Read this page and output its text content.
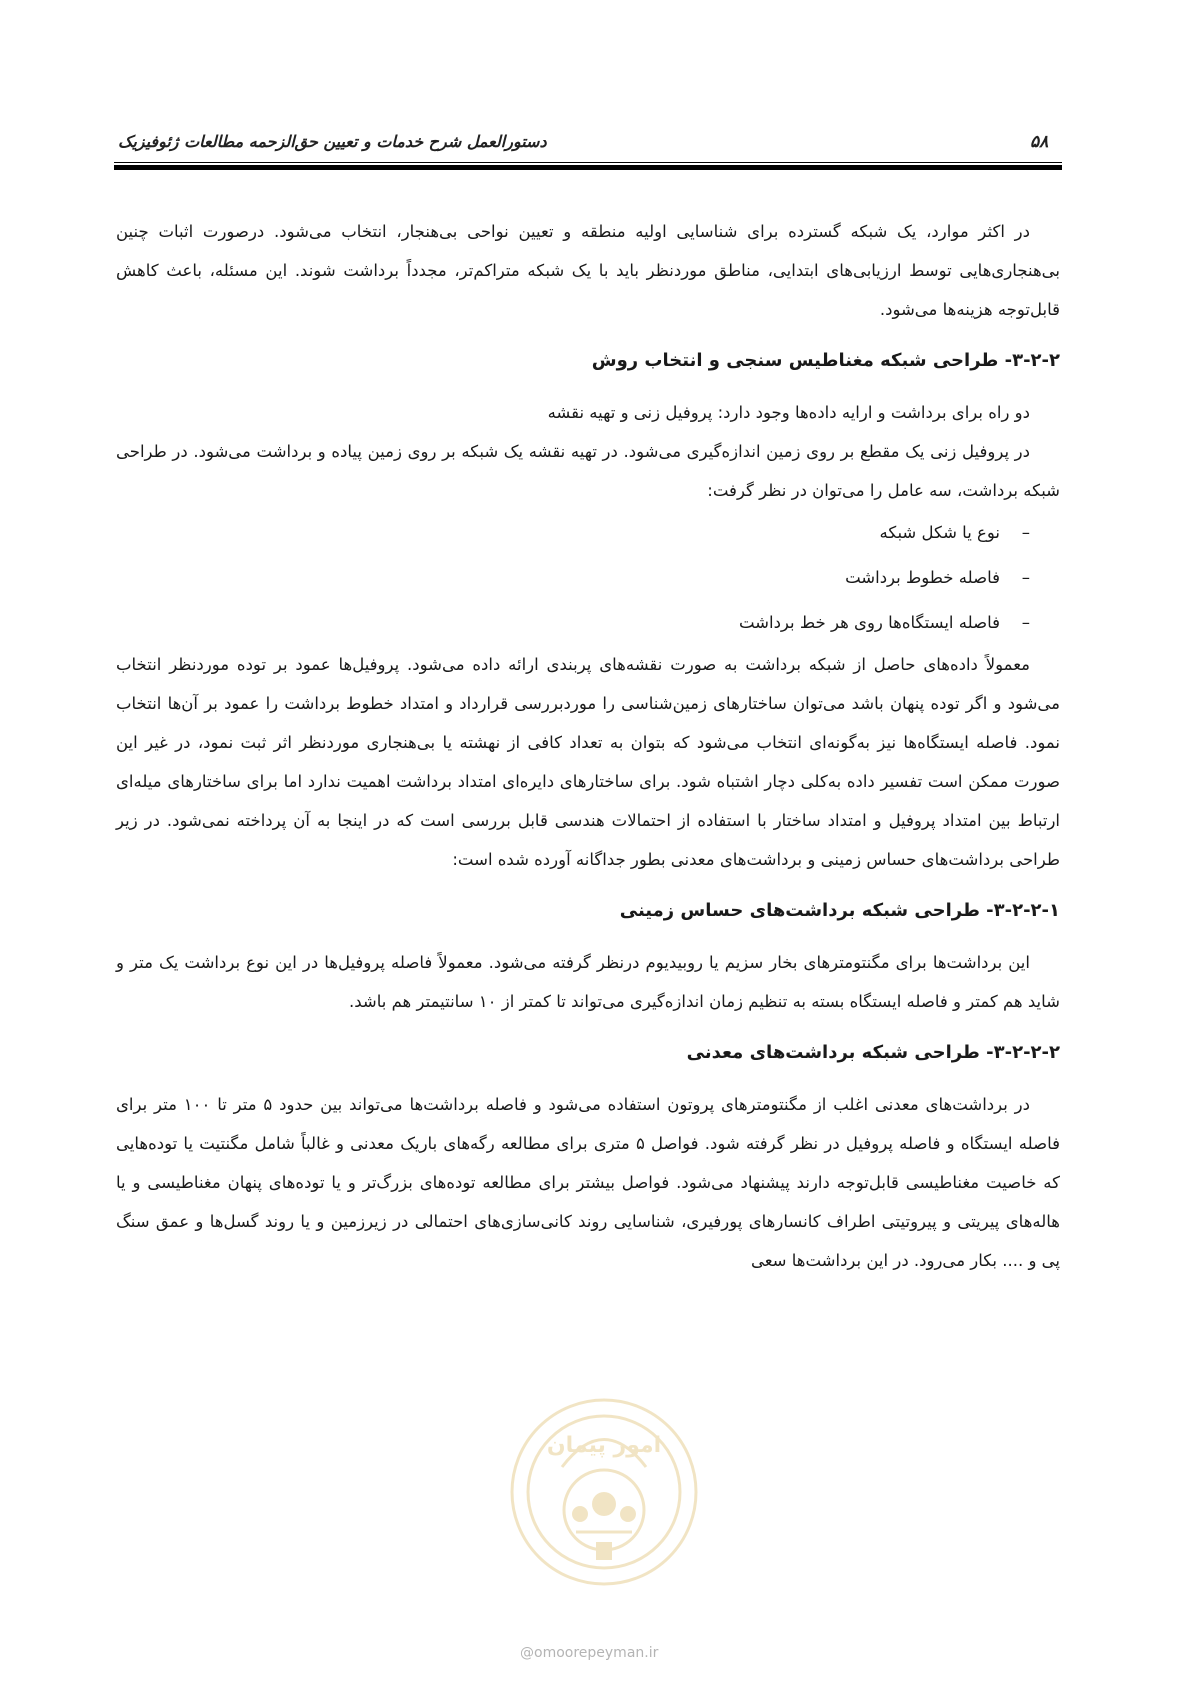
۵۸
دستورالعمل شرح خدمات و تعیین حق‌الزحمه مطالعات ژئوفیزیک

در اکثر موارد، یک شبکه گسترده برای شناسایی اولیه منطقه و تعیین نواحی بی‌هنجار، انتخاب می‌شود. درصورت اثبات چنین بی‌هنجاری‌هایی توسط ارزیابی‌های ابتدایی، مناطق موردنظر باید با یک شبکه متراکم‌تر، مجدداً برداشت شوند. این مسئله، باعث کاهش قابل‌توجه هزینه‌ها می‌شود.

۳-۲-۲- طراحی شبکه مغناطیس سنجی و انتخاب روش

دو راه برای برداشت و ارایه داده‌ها وجود دارد: پروفیل زنی و تهیه نقشه

در پروفیل زنی یک مقطع بر روی زمین اندازه‌گیری می‌شود. در تهیه نقشه یک شبکه بر روی زمین پیاده و برداشت می‌شود. در طراحی شبکه برداشت، سه عامل را می‌توان در نظر گرفت:

–نوع یا شکل شبکه
–فاصله خطوط برداشت
–فاصله ایستگاه‌ها روی هر خط برداشت

معمولاً داده‌های حاصل از شبکه برداشت به صورت نقشه‌های پربندی ارائه داده می‌شود. پروفیل‌ها عمود بر توده موردنظر انتخاب می‌شود و اگر توده پنهان باشد می‌توان ساختارهای زمین‌شناسی را موردبررسی قرارداد و امتداد خطوط برداشت را عمود بر آن‌ها انتخاب نمود. فاصله ایستگاه‌ها نیز به‌گونه‌ای انتخاب می‌شود که بتوان به تعداد کافی از نهشته یا بی‌هنجاری موردنظر اثر ثبت نمود، در غیر این صورت ممکن است تفسیر داده به‌کلی دچار اشتباه شود. برای ساختارهای دایره‌ای امتداد برداشت اهمیت ندارد اما برای ساختارهای میله‌ای ارتباط بین امتداد پروفیل و امتداد ساختار با استفاده از احتمالات هندسی قابل بررسی است که در اینجا به آن پرداخته نمی‌شود. در زیر طراحی برداشت‌های حساس زمینی و برداشت‌های معدنی بطور جداگانه آورده شده است:

۳-۲-۲-۱- طراحی شبکه برداشت‌های حساس زمینی

این برداشت‌ها برای مگنتومترهای بخار سزیم یا روبیدیوم درنظر گرفته می‌شود. معمولاً فاصله پروفیل‌ها در این نوع برداشت یک متر و شاید هم کمتر و فاصله ایستگاه بسته به تنظیم زمان اندازه‌گیری می‌تواند تا کمتر از ۱۰ سانتیمتر هم باشد.

۳-۲-۲-۲- طراحی شبکه برداشت‌های معدنی

در برداشت‌های معدنی اغلب از مگنتومترهای پروتون استفاده می‌شود و فاصله برداشت‌ها می‌تواند بین حدود ۵ متر تا ۱۰۰ متر برای فاصله ایستگاه و فاصله پروفیل در نظر گرفته شود. فواصل ۵ متری برای مطالعه رگه‌های باریک معدنی و غالباً شامل مگنتیت یا توده‌هایی که خاصیت مغناطیسی قابل‌توجه دارند پیشنهاد می‌شود. فواصل بیشتر برای مطالعه توده‌های بزرگ‌تر و یا توده‌های پنهان مغناطیسی و یا هاله‌های پیریتی و پیروتیتی اطراف کانسارهای پورفیری، شناسایی روند کانی‌سازی‌های احتمالی در زیرزمین و یا روند گسل‌ها و عمق سنگ پی و .... بکار می‌رود. در این برداشت‌ها سعی

امور پیمان
@omoorepeyman.ir
